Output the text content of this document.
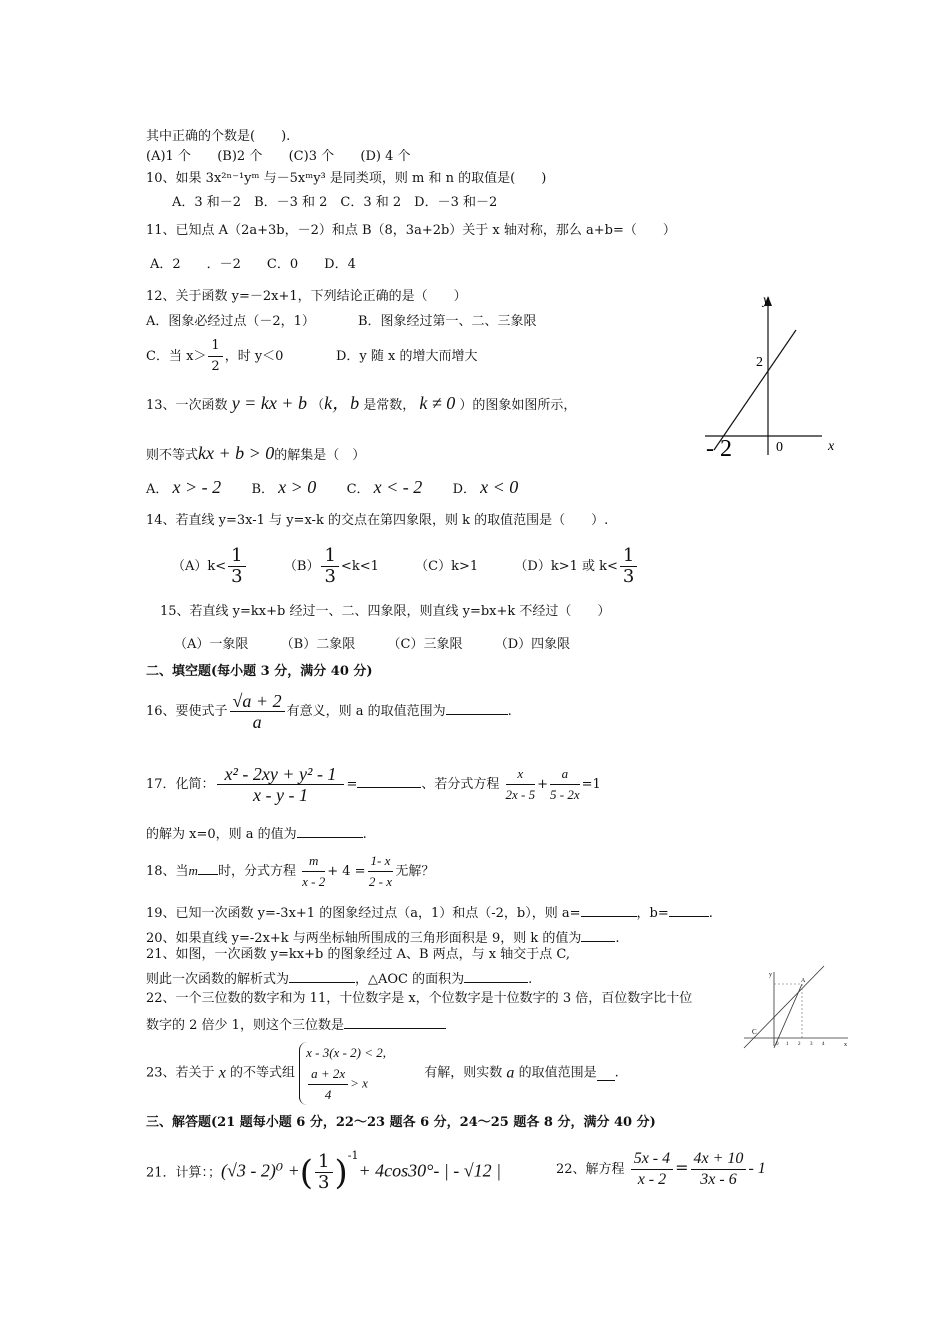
其中正确的个数是(　　).
(A)1 个 (B)2 个 (C)3 个 (D) 4 个
10、如果 3x²ⁿ⁻¹yᵐ 与－5xᵐy³ 是同类项，则 m 和 n 的取值是(　　)
A．3 和－2　B．－3 和 2　C．3 和 2　D．－3 和－2
11、已知点 A（2a+3b，－2）和点 B（8，3a+2b）关于 x 轴对称，那么 a+b=（　　）
A．2　　．－2　　C．0　　D．4
12、关于函数 y=－2x+1，下列结论正确的是（　　）
A．图象必经过点（－2，1）	B．图象经过第一、二、三象限
C．当 $x> \frac{1}{2}$ ，时 y＜0	D．y 随 x 的增大而增大
13、一次函数 y = kx + b （k，b 是常数， k ≠ 0 ）的图象如图所示，
则不等式kx + b > 0的解集是（　）
A． x > - 2 B． x > 0 C． x < - 2 D． x < 0
y
x
2
- 2	0
14、若直线 y=3x-1 与 y=x-k 的交点在第四象限，则 k 的取值范围是（　　）.
$(A)k< \frac{1}{3}$	$(B) \frac{1}{3} <k<1$	（C）k>1	（D）k>1 或 $k< \frac{1}{3}$
15、若直线 y=kx+b 经过一、二、四象限，则直线 y=bx+k 不经过（　　）
（A）一象限 （B）二象限 （C）三象限 （D）四象限
二、填空题(每小题 3 分，满分 40 分)
16、要使式子 $\frac{√a + 2}{a}$ 有意义，则 a 的取值范围为	.
17．化简： $\frac{\text{x² - 2xy + y² - 1}}{x - y - 1}$ =	、若分式方程 $\frac{x}{2x - 5} + \frac{a}{5 - 2x} =1$
的解为 x=0，则 a 的值为	.
18、当m 时，分式方程 $\frac{m}{x - 2} + 4 = \frac{1- x}{2 - x}$ 无解？
19、已知一次函数 y=-3x+1 的图象经过点（a，1）和点（-2，b），则 a=	，b=	.
20、如果直线 y=-2x+k 与两坐标轴所围成的三角形面积是 9，则 k 的值为	.
21、如图，一次函数 y=kx+b 的图象经过 A、B 两点，与 x 轴交于点 C,
则此一次函数的解析式为	，△AOC 的面积为	.
22、一个三位数的数字和为 11，十位数字是 x，个位数字是十位数字的 3 倍，百位数字比十位
数字的 2 倍少 1，则这个三位数是
y
x
A
C
0 1 2 3 4
23、若关于 x 的不等式组
x - 3(x - 2) < 2,
$\frac{a + 2x}{4} > x$
有解，则实数 a 的取值范围是 .
三、解答题(21 题每小题 6 分，22～23 题各 6 分，24～25 题各 8 分，满分 40 分)
21．计算：；(√3 - 2)⁰ +( $\frac{1}{3} )^{-1}+ 4\cos 30^\circ-$ | - √12 |	22、解方程 $\frac{5x - 4}{x - 2} = \frac{4x + 10}{3x - 6} - 1$
